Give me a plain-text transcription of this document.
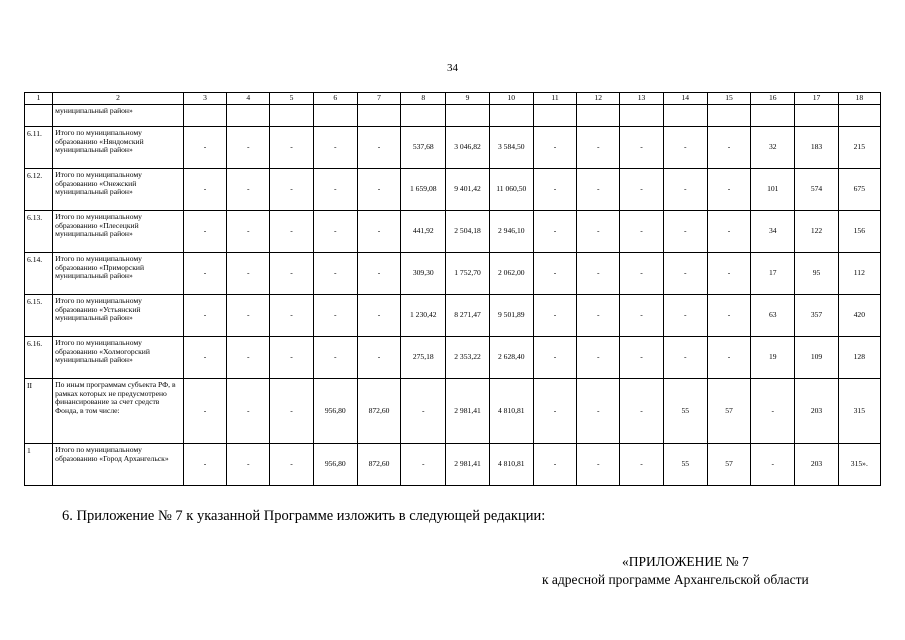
34
1	2	3	4	5	6	7	8	9	10	11	12	13	14	15	16	17	18
	муниципальный район»																
6.11.	Итого по муниципальному образованию «Няндомский муниципальный район»	-	-	-	-	-	537,68	3 046,82	3 584,50	-	-	-	-	-	32	183	215
6.12.	Итого по муниципальному образованию «Онежский муниципальный район»	-	-	-	-	-	1 659,08	9 401,42	11 060,50	-	-	-	-	-	101	574	675
6.13.	Итого по муниципальному образованию «Плесецкий муниципальный район»	-	-	-	-	-	441,92	2 504,18	2 946,10	-	-	-	-	-	34	122	156
6.14.	Итого по муниципальному образованию «Приморский муниципальный район»	-	-	-	-	-	309,30	1 752,70	2 062,00	-	-	-	-	-	17	95	112
6.15.	Итого по муниципальному образованию «Устьянский муниципальный район»	-	-	-	-	-	1 230,42	8 271,47	9 501,89	-	-	-	-	-	63	357	420
6.16.	Итого по муниципальному образованию «Холмогорский муниципальный район»	-	-	-	-	-	275,18	2 353,22	2 628,40	-	-	-	-	-	19	109	128
II	По иным программам субъекта РФ, в рамках которых не предусмотрено финансирование за счет средств Фонда, в том числе:	-	-	-	956,80	872,60	-	2 981,41	4 810,81	-	-	-	55	57	-	203	315
1	Итого по муниципальному образованию «Город Архангельск»	-	-	-	956,80	872,60	-	2 981,41	4 810,81	-	-	-	55	57	-	203	315».
6. Приложение № 7 к указанной Программе изложить в следующей редакции:
«ПРИЛОЖЕНИЕ № 7
к адресной программе Архангельской области
